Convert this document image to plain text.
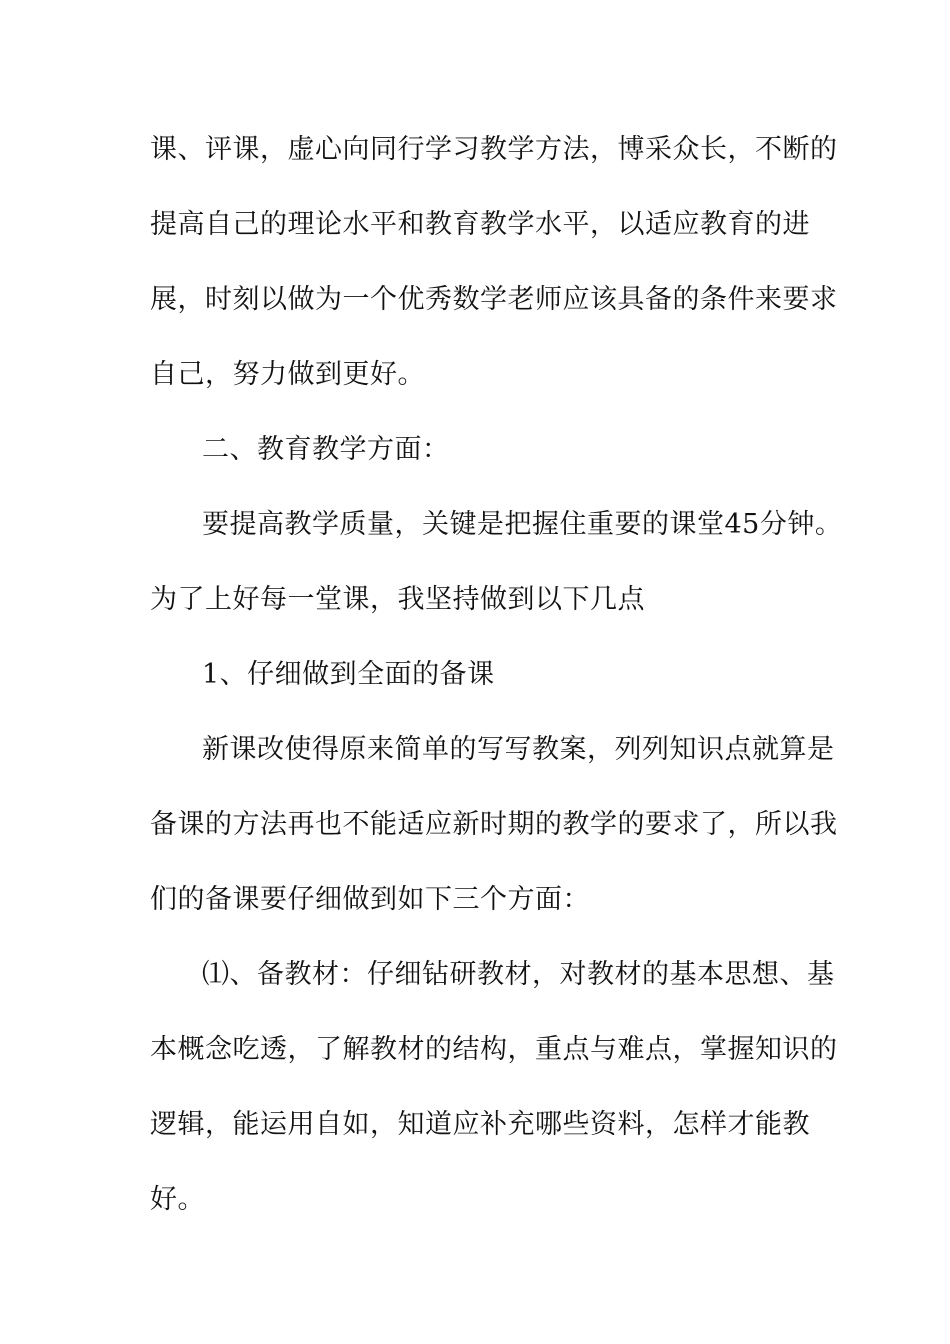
课、评课，虚心向同行学习教学方法，博采众长，不断的
提高自己的理论水平和教育教学水平，以适应教育的进
展，时刻以做为一个优秀数学老师应该具备的条件来要求
自己，努力做到更好。
二、教育教学方面：
要提高教学质量，关键是把握住重要的课堂45分钟。
为了上好每一堂课，我坚持做到以下几点
1、仔细做到全面的备课
新课改使得原来简单的写写教案，列列知识点就算是
备课的方法再也不能适应新时期的教学的要求了，所以我
们的备课要仔细做到如下三个方面：
⑴、备教材：仔细钻研教材，对教材的基本思想、基
本概念吃透，了解教材的结构，重点与难点，掌握知识的
逻辑，能运用自如，知道应补充哪些资料，怎样才能教
好。
